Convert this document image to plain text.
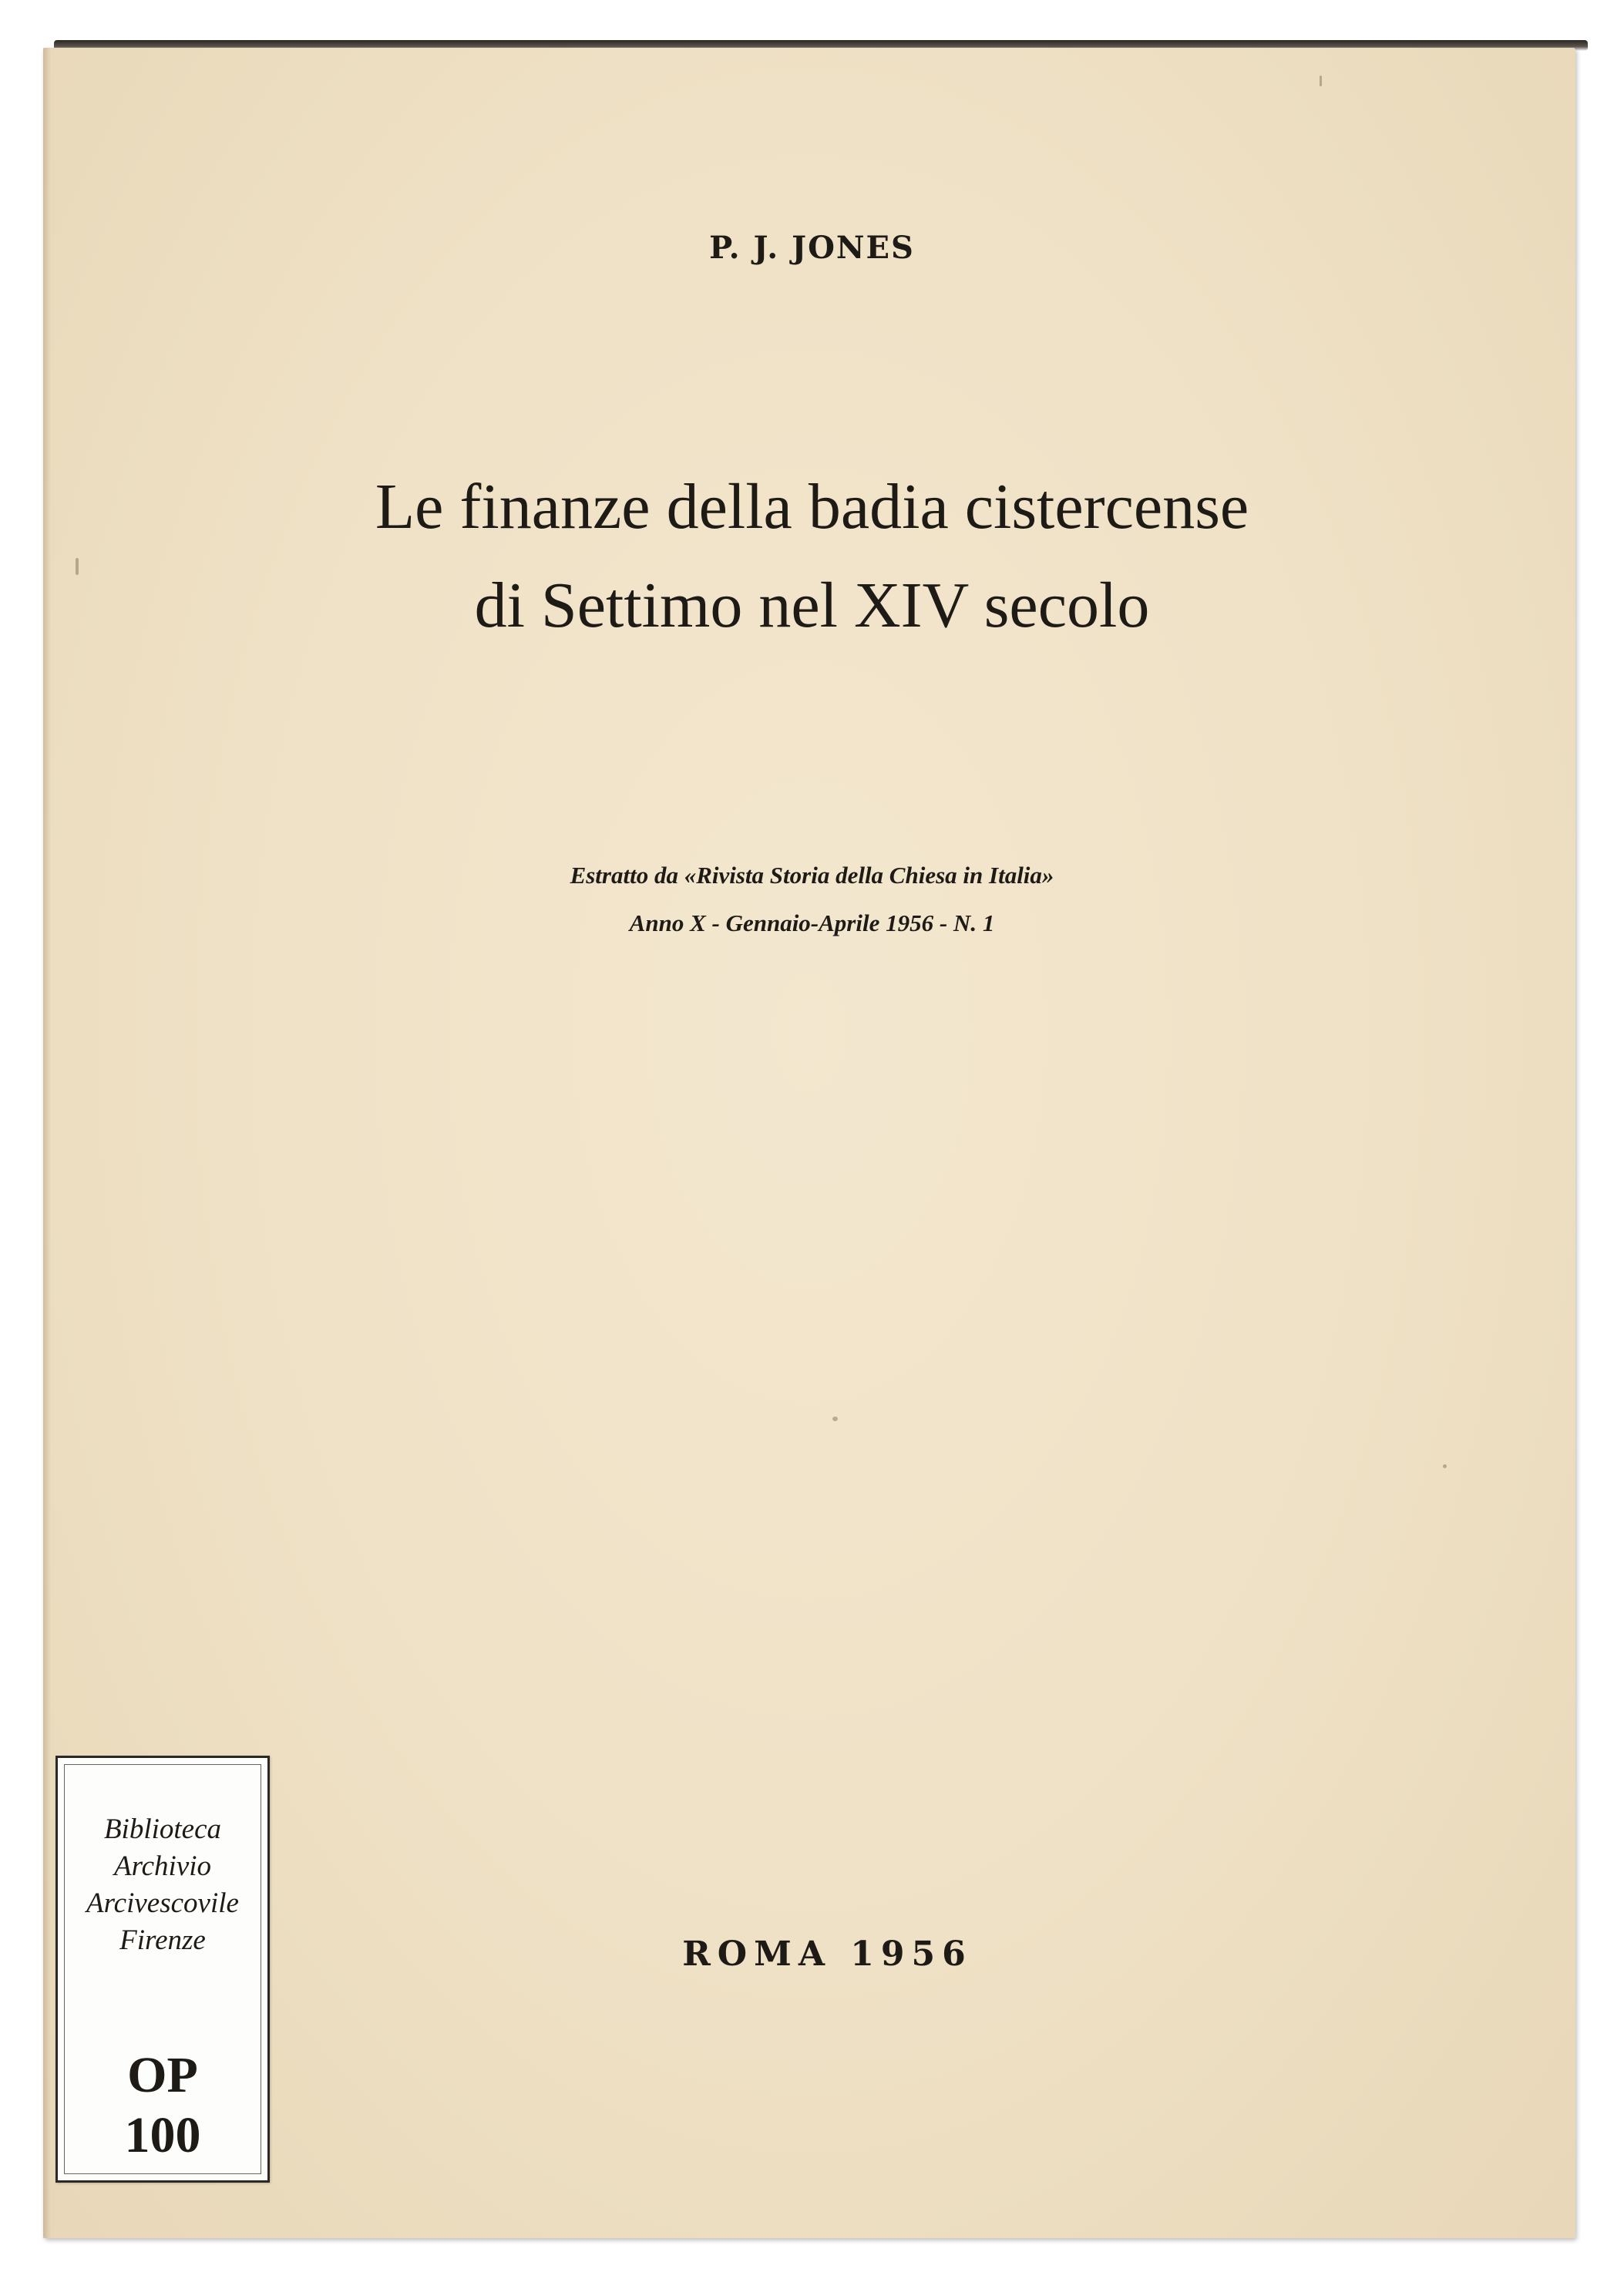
P. J. JONES
Le finanze della badia cistercense
di Settimo nel XIV secolo
Estratto da «Rivista Storia della Chiesa in Italia»
Anno X - Gennaio-Aprile 1956 - N. 1
ROMA 1956
Biblioteca
Archivio
Arcivescovile
Firenze
OP
100
